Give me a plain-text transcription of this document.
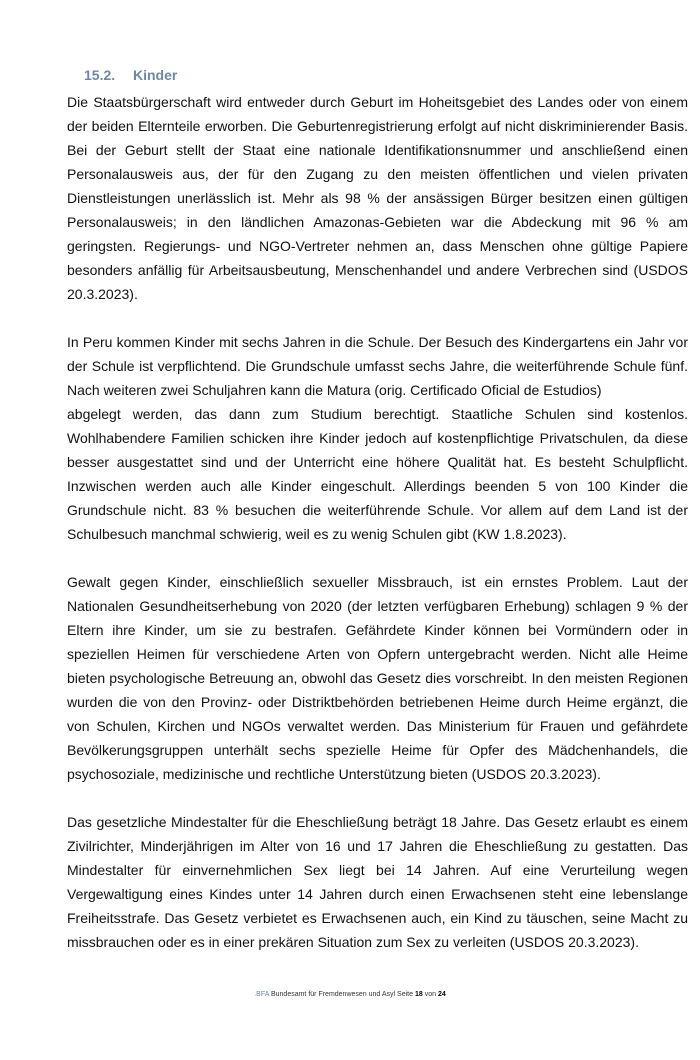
15.2. Kinder

Die Staatsbürgerschaft wird entweder durch Geburt im Hoheitsgebiet des Landes oder von einem der beiden Elternteile erworben. Die Geburtenregistrierung erfolgt auf nicht diskriminierender Basis. Bei der Geburt stellt der Staat eine nationale Identifikationsnummer und anschließend einen Personalausweis aus, der für den Zugang zu den meisten öffentlichen und vielen privaten Dienstleistungen unerlässlich ist. Mehr als 98 % der ansässigen Bürger besitzen einen gültigen Personalausweis; in den ländlichen Amazonas-Gebieten war die Abdeckung mit 96 % am geringsten. Regierungs- und NGO-Vertreter nehmen an, dass Menschen ohne gültige Papiere besonders anfällig für Arbeitsausbeutung, Menschenhandel und andere Verbrechen sind (USDOS 20.3.2023).

In Peru kommen Kinder mit sechs Jahren in die Schule. Der Besuch des Kindergartens ein Jahr vor der Schule ist verpflichtend. Die Grundschule umfasst sechs Jahre, die weiterführende Schule fünf. Nach weiteren zwei Schuljahren kann die Matura (orig. Certificado Oficial de Estudios)
abgelegt werden, das dann zum Studium berechtigt. Staatliche Schulen sind kostenlos. Wohlhabendere Familien schicken ihre Kinder jedoch auf kostenpflichtige Privatschulen, da diese besser ausgestattet sind und der Unterricht eine höhere Qualität hat. Es besteht Schulpflicht. Inzwischen werden auch alle Kinder eingeschult. Allerdings beenden 5 von 100 Kinder die Grundschule nicht. 83 % besuchen die weiterführende Schule. Vor allem auf dem Land ist der Schulbesuch manchmal schwierig, weil es zu wenig Schulen gibt (KW 1.8.2023).

Gewalt gegen Kinder, einschließlich sexueller Missbrauch, ist ein ernstes Problem. Laut der Nationalen Gesundheitserhebung von 2020 (der letzten verfügbaren Erhebung) schlagen 9 % der Eltern ihre Kinder, um sie zu bestrafen. Gefährdete Kinder können bei Vormündern oder in speziellen Heimen für verschiedene Arten von Opfern untergebracht werden. Nicht alle Heime bieten psychologische Betreuung an, obwohl das Gesetz dies vorschreibt. In den meisten Regionen wurden die von den Provinz- oder Distriktbehörden betriebenen Heime durch Heime ergänzt, die von Schulen, Kirchen und NGOs verwaltet werden. Das Ministerium für Frauen und gefährdete Bevölkerungsgruppen unterhält sechs spezielle Heime für Opfer des Mädchenhandels, die psychosoziale, medizinische und rechtliche Unterstützung bieten (USDOS 20.3.2023).

Das gesetzliche Mindestalter für die Eheschließung beträgt 18 Jahre. Das Gesetz erlaubt es einem Zivilrichter, Minderjährigen im Alter von 16 und 17 Jahren die Eheschließung zu gestatten. Das Mindestalter für einvernehmlichen Sex liegt bei 14 Jahren. Auf eine Verurteilung wegen Vergewaltigung eines Kindes unter 14 Jahren durch einen Erwachsenen steht eine lebenslange Freiheitsstrafe. Das Gesetz verbietet es Erwachsenen auch, ein Kind zu täuschen, seine Macht zu missbrauchen oder es in einer prekären Situation zum Sex zu verleiten (USDOS 20.3.2023).

.BFA Bundesamt für Fremdenwesen und Asyl Seite 18 von 24
